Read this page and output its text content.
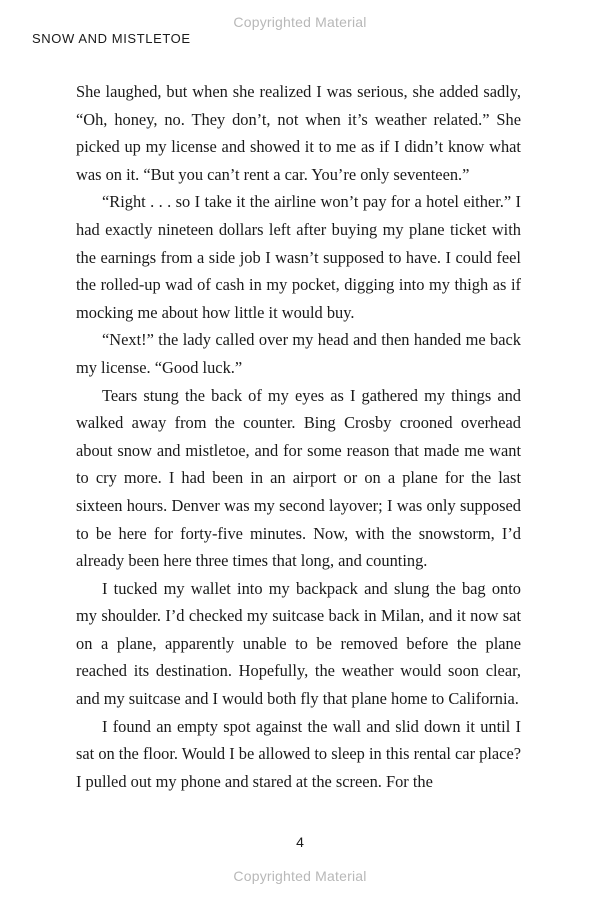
Copyrighted Material
SNOW AND MISTLETOE

She laughed, but when she realized I was serious, she added sadly, “Oh, honey, no. They don’t, not when it’s weather related.” She picked up my license and showed it to me as if I didn’t know what was on it. “But you can’t rent a car. You’re only seventeen.”

“Right . . . so I take it the airline won’t pay for a hotel either.” I had exactly nineteen dollars left after buying my plane ticket with the earnings from a side job I wasn’t supposed to have. I could feel the rolled-up wad of cash in my pocket, digging into my thigh as if mocking me about how little it would buy.

“Next!” the lady called over my head and then handed me back my license. “Good luck.”

Tears stung the back of my eyes as I gathered my things and walked away from the counter. Bing Crosby crooned overhead about snow and mistletoe, and for some reason that made me want to cry more. I had been in an airport or on a plane for the last sixteen hours. Denver was my second layover; I was only supposed to be here for forty-five minutes. Now, with the snowstorm, I’d already been here three times that long, and counting.

I tucked my wallet into my backpack and slung the bag onto my shoulder. I’d checked my suitcase back in Milan, and it now sat on a plane, apparently unable to be removed before the plane reached its destination. Hopefully, the weather would soon clear, and my suitcase and I would both fly that plane home to California.

I found an empty spot against the wall and slid down it until I sat on the floor. Would I be allowed to sleep in this rental car place? I pulled out my phone and stared at the screen. For the

4
Copyrighted Material
